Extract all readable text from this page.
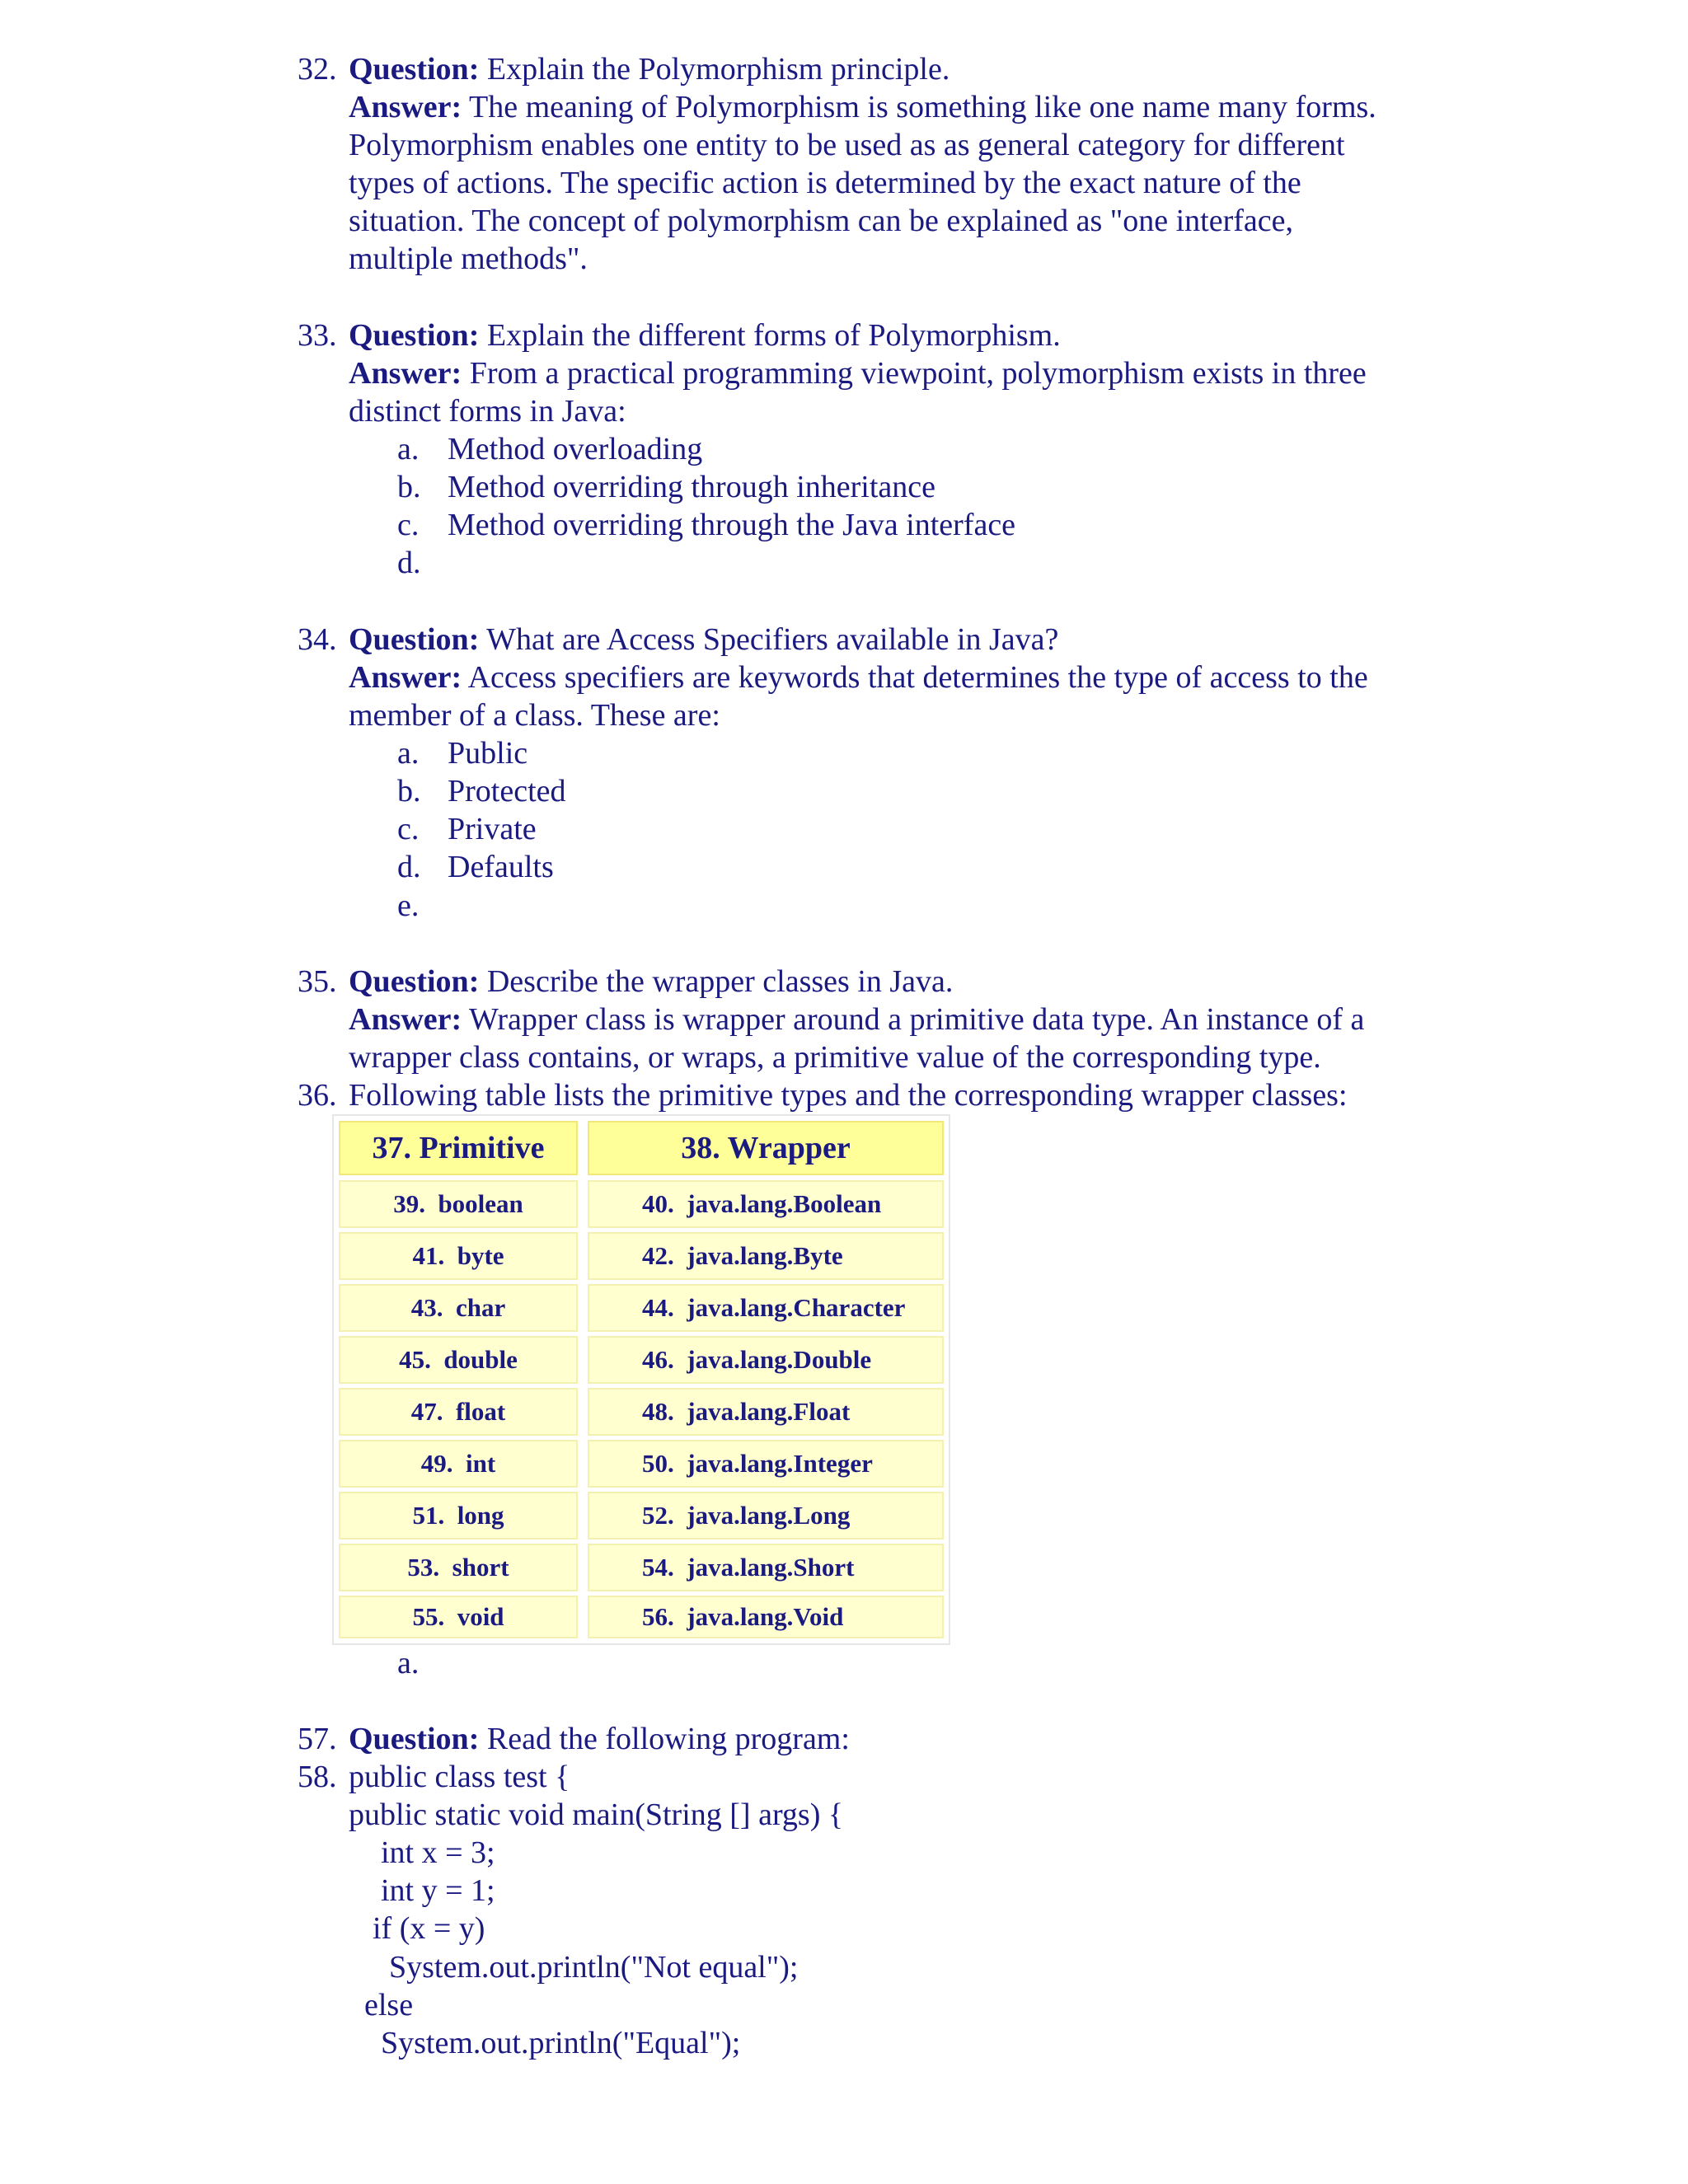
32. Question: Explain the Polymorphism principle.
Answer: The meaning of Polymorphism is something like one name many forms.
Polymorphism enables one entity to be used as as general category for different
types of actions. The specific action is determined by the exact nature of the
situation. The concept of polymorphism can be explained as "one interface,
multiple methods".
33. Question: Explain the different forms of Polymorphism.
Answer: From a practical programming viewpoint, polymorphism exists in three
distinct forms in Java:
a. Method overloading
b. Method overriding through inheritance
c. Method overriding through the Java interface
d.
34. Question: What are Access Specifiers available in Java?
Answer: Access specifiers are keywords that determines the type of access to the
member of a class. These are:
a. Public
b. Protected
c. Private
d. Defaults
e.
35. Question: Describe the wrapper classes in Java.
Answer: Wrapper class is wrapper around a primitive data type. An instance of a
wrapper class contains, or wraps, a primitive value of the corresponding type.
36. Following table lists the primitive types and the corresponding wrapper classes:
37. Primitive	38. Wrapper
39.  boolean	40.  java.lang.Boolean
41.  byte	42.  java.lang.Byte
43.  char	44.  java.lang.Character
45.  double	46.  java.lang.Double
47.  float	48.  java.lang.Float
49.  int	50.  java.lang.Integer
51.  long	52.  java.lang.Long
53.  short	54.  java.lang.Short
55.  void	56.  java.lang.Void
a.
57. Question: Read the following program:
58. public class test {
public static void main(String [] args) {
int x = 3;
int y = 1;
if (x = y)
System.out.println("Not equal");
else
System.out.println("Equal");
